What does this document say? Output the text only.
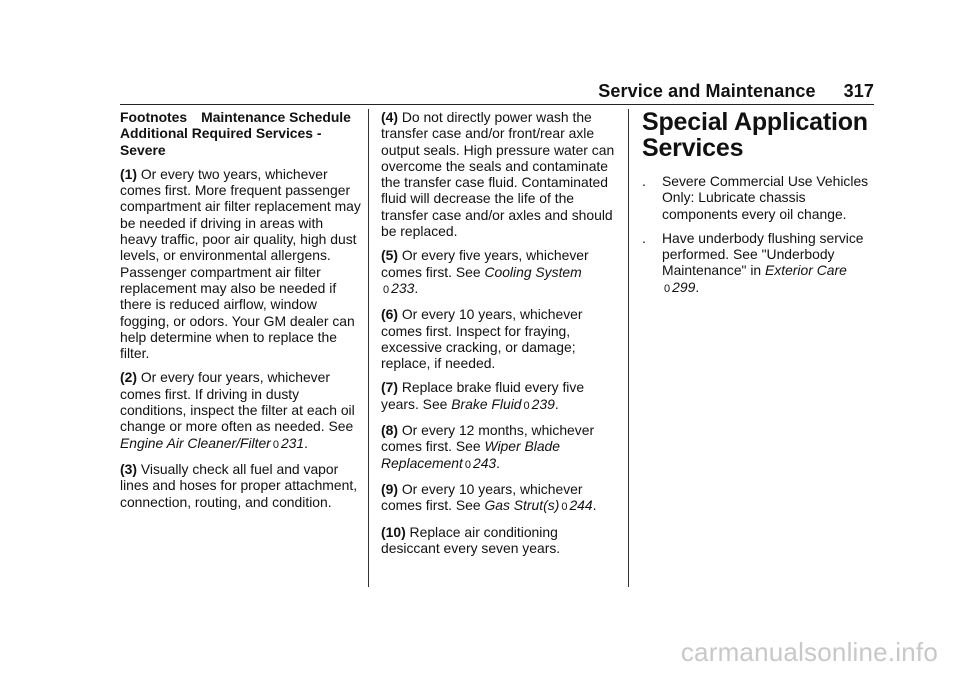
Service and Maintenance 317

Footnotes Maintenance Schedule Additional Required Services - Severe

(1) Or every two years, whichever comes first. More frequent passenger compartment air filter replacement may be needed if driving in areas with heavy traffic, poor air quality, high dust levels, or environmental allergens. Passenger compartment air filter replacement may also be needed if there is reduced airflow, window fogging, or odors. Your GM dealer can help determine when to replace the filter.

(2) Or every four years, whichever comes first. If driving in dusty conditions, inspect the filter at each oil change or more often as needed. See Engine Air Cleaner/Filter 0 231.

(3) Visually check all fuel and vapor lines and hoses for proper attachment, connection, routing, and condition.

(4) Do not directly power wash the transfer case and/or front/rear axle output seals. High pressure water can overcome the seals and contaminate the transfer case fluid. Contaminated fluid will decrease the life of the transfer case and/or axles and should be replaced.

(5) Or every five years, whichever comes first. See Cooling System
0 233.

(6) Or every 10 years, whichever comes first. Inspect for fraying, excessive cracking, or damage; replace, if needed.

(7) Replace brake fluid every five years. See Brake Fluid 0 239.

(8) Or every 12 months, whichever comes first. See Wiper Blade Replacement 0 243.

(9) Or every 10 years, whichever comes first. See Gas Strut(s) 0 244.

(10) Replace air conditioning desiccant every seven years.

Special Application Services
. Severe Commercial Use Vehicles Only: Lubricate chassis components every oil change.
. Have underbody flushing service performed. See "Underbody Maintenance" in Exterior Care
0 299.
carmanualsonline.info
